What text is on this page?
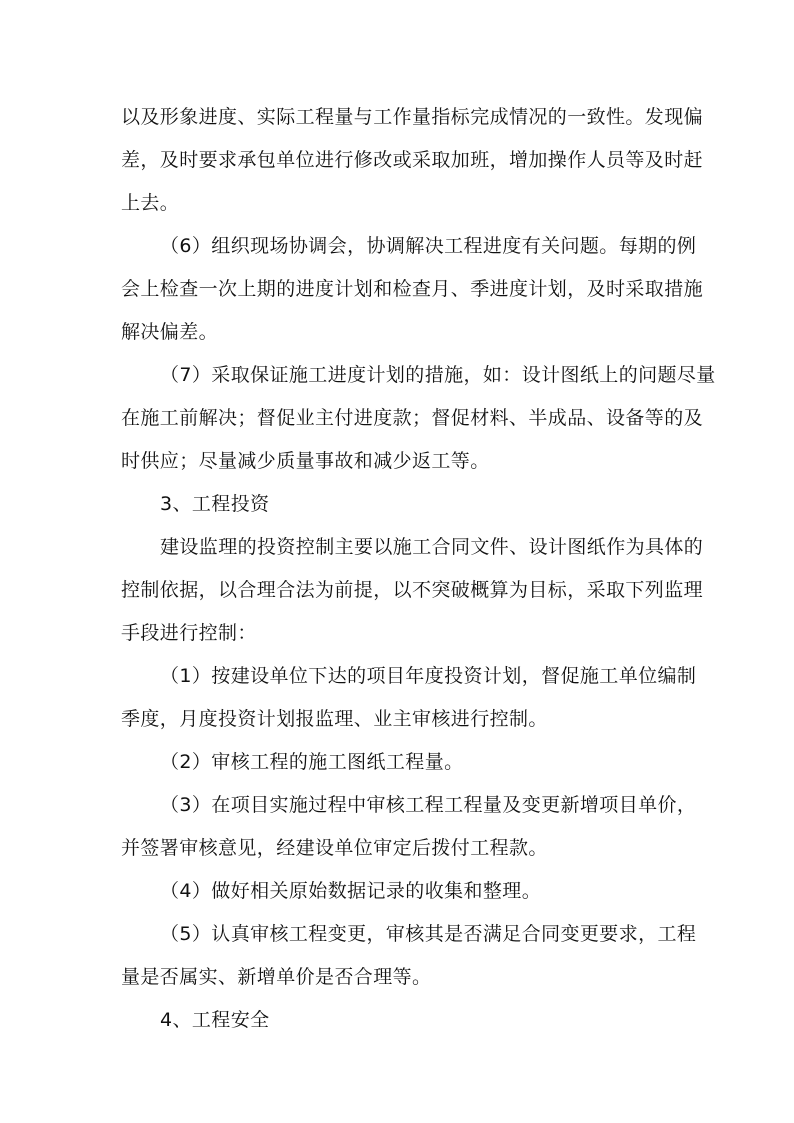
以及形象进度、实际工程量与工作量指标完成情况的一致性。发现偏
差，及时要求承包单位进行修改或采取加班，增加操作人员等及时赶
上去。
（6）组织现场协调会，协调解决工程进度有关问题。每期的例
会上检查一次上期的进度计划和检查月、季进度计划，及时采取措施
解决偏差。
（7）采取保证施工进度计划的措施，如：设计图纸上的问题尽量
在施工前解决；督促业主付进度款；督促材料、半成品、设备等的及
时供应；尽量减少质量事故和减少返工等。
3、工程投资
建设监理的投资控制主要以施工合同文件、设计图纸作为具体的
控制依据，以合理合法为前提，以不突破概算为目标，采取下列监理
手段进行控制：
（1）按建设单位下达的项目年度投资计划，督促施工单位编制
季度，月度投资计划报监理、业主审核进行控制。
（2）审核工程的施工图纸工程量。
（3）在项目实施过程中审核工程工程量及变更新增项目单价，
并签署审核意见，经建设单位审定后拨付工程款。
（4）做好相关原始数据记录的收集和整理。
（5）认真审核工程变更，审核其是否满足合同变更要求，工程
量是否属实、新增单价是否合理等。
4、工程安全
